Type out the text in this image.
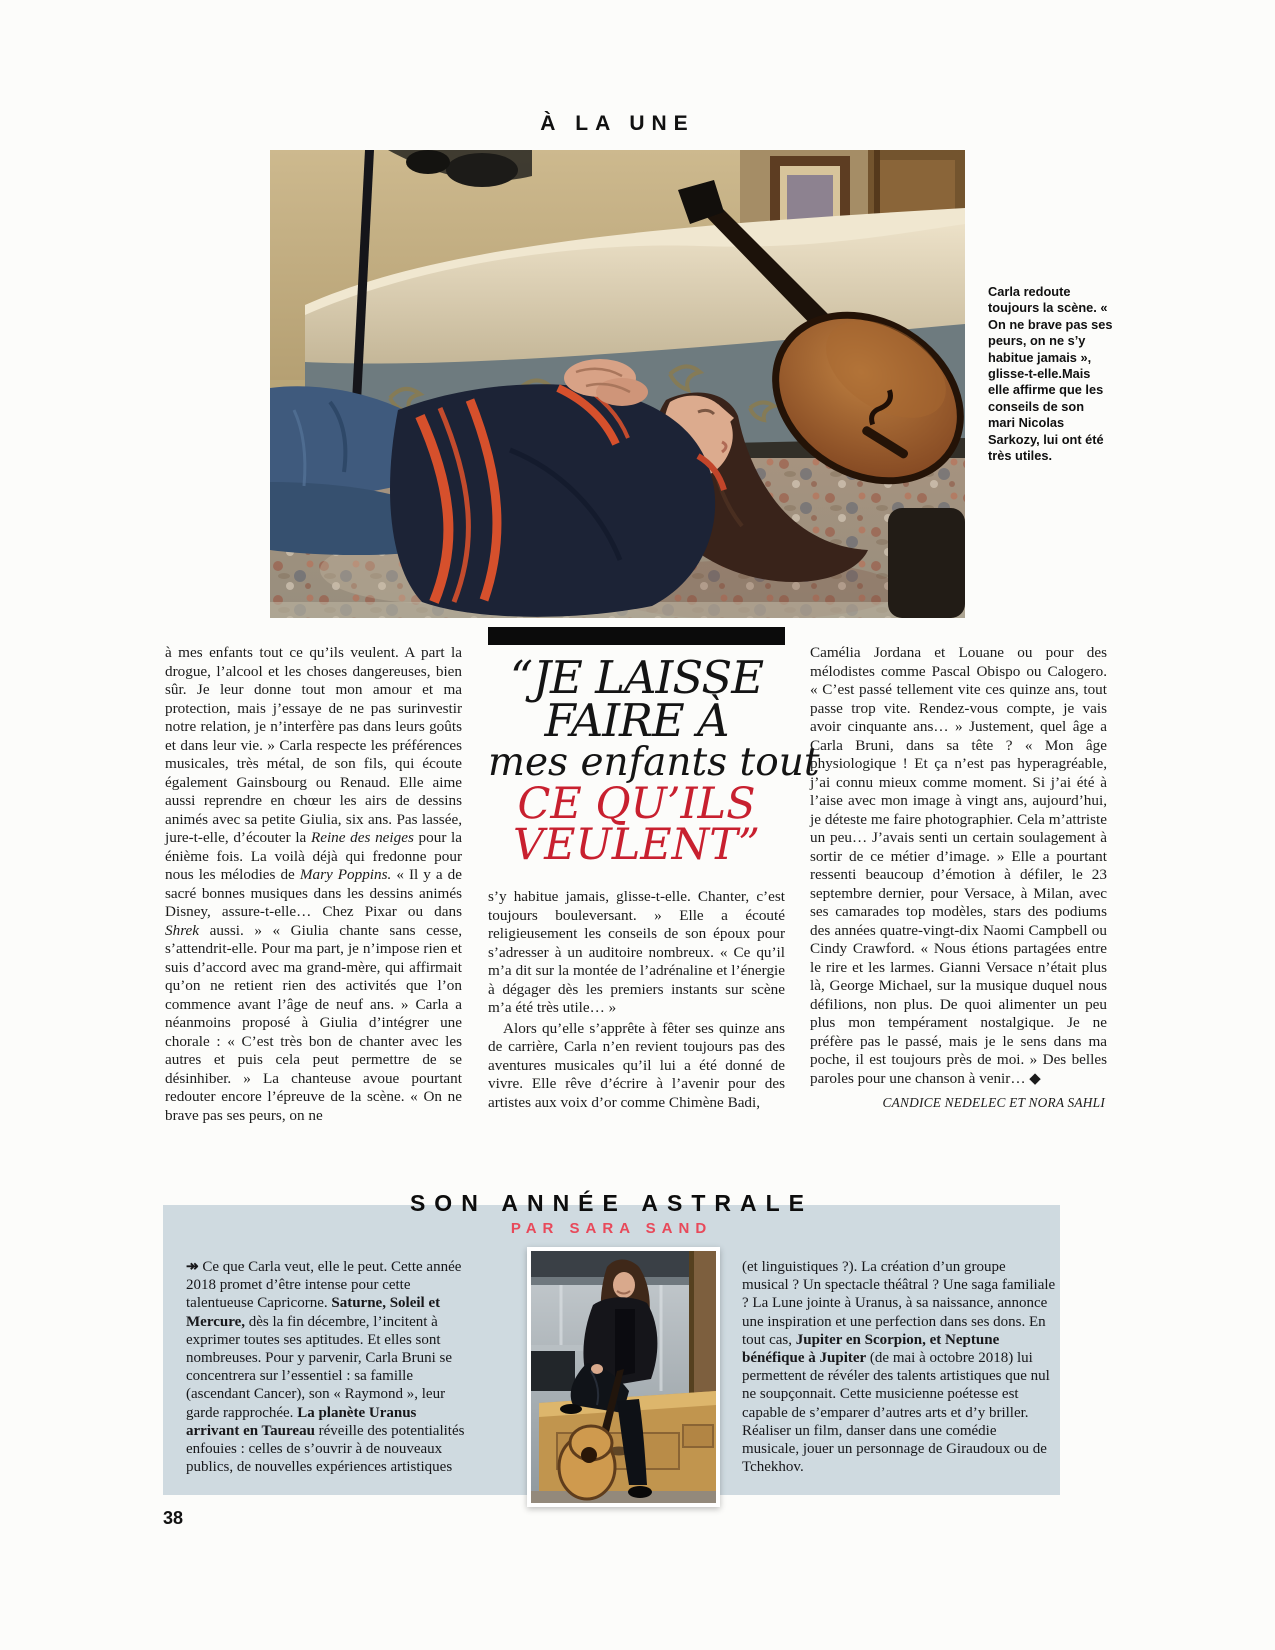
À LA UNE
Carla redoute toujours la scène. « On ne brave pas ses peurs, on ne s’y habitue jamais », glisse-t-elle.Mais elle affirme que les conseils de son mari Nicolas Sarkozy, lui ont été très utiles.

à mes enfants tout ce qu’ils veulent. A part la drogue, l’alcool et les choses dangereuses, bien sûr. Je leur donne tout mon amour et ma protection, mais j’essaye de ne pas surinvestir notre relation, je n’interfère pas dans leurs goûts et dans leur vie. » Carla respecte les préférences musicales, très métal, de son fils, qui écoute également Gainsbourg ou Renaud. Elle aime aussi reprendre en chœur les airs de dessins animés avec sa petite Giulia, six ans. Pas lassée, jure-t-elle, d’écouter la Reine des neiges pour la énième fois. La voilà déjà qui fredonne pour nous les mélodies de Mary Poppins. « Il y a de sacré bonnes musiques dans les dessins animés Disney, assure-t-elle… Chez Pixar ou dans Shrek aussi. » « Giulia chante sans cesse, s’attendrit-elle. Pour ma part, je n’impose rien et suis d’accord avec ma grand-mère, qui affirmait qu’on ne retient rien des activités que l’on commence avant l’âge de neuf ans. » Carla a néanmoins proposé à Giulia d’intégrer une chorale : « C’est très bon de chanter avec les autres et puis cela peut permettre de se désinhiber. » La chanteuse avoue pourtant redouter encore l’épreuve de la scène. « On ne brave pas ses peurs, on ne

“JE LAISSE
FAIRE À
mes enfants tout
CE QU’ILS
VEULENT”

s’y habitue jamais, glisse-t-elle. Chanter, c’est toujours bouleversant. » Elle a écouté religieusement les conseils de son époux pour s’adresser à un auditoire nombreux. « Ce qu’il m’a dit sur la montée de l’adrénaline et l’énergie à dégager dès les premiers instants sur scène m’a été très utile… »

Alors qu’elle s’apprête à fêter ses quinze ans de carrière, Carla n’en revient toujours pas des aventures musicales qu’il lui a été donné de vivre. Elle rêve d’écrire à l’avenir pour des artistes aux voix d’or comme Chimène Badi,

Camélia Jordana et Louane ou pour des mélodistes comme Pascal Obispo ou Calogero. « C’est passé tellement vite ces quinze ans, tout passe trop vite. Rendez-vous compte, je vais avoir cinquante ans… » Justement, quel âge a Carla Bruni, dans sa tête ? « Mon âge physiologique ! Et ça n’est pas hyperagréable, j’ai connu mieux comme moment. Si j’ai été à l’aise avec mon image à vingt ans, aujourd’hui, je déteste me faire photographier. Cela m’attriste un peu… J’avais senti un certain soulagement à sortir de ce métier d’image. » Elle a pourtant ressenti beaucoup d’émotion à défiler, le 23 septembre dernier, pour Versace, à Milan, avec ses camarades top modèles, stars des podiums des années quatre-vingt-dix Naomi Campbell ou Cindy Crawford. « Nous étions partagées entre le rire et les larmes. Gianni Versace n’était plus là, George Michael, sur la musique duquel nous défilions, non plus. De quoi alimenter un peu plus mon tempérament nostalgique. Je ne préfère pas le passé, mais je le sens dans ma poche, il est toujours près de moi. » Des belles paroles pour une chanson à venir… ◆

CANDICE NEDELEC ET NORA SAHLI
SON ANNÉE ASTRALE
PAR SARA SAND
↠ Ce que Carla veut, elle le peut. Cette année 2018 promet d’être intense pour cette talentueuse Capricorne. Saturne, Soleil et Mercure, dès la fin décembre, l’incitent à exprimer toutes ses aptitudes. Et elles sont nombreuses. Pour y parvenir, Carla Bruni se concentrera sur l’essentiel : sa famille (ascendant Cancer), son « Raymond », leur garde rapprochée. La planète Uranus arrivant en Taureau réveille des potentialités enfouies : celles de s’ouvrir à de nouveaux publics, de nouvelles expériences artistiques
(et linguistiques ?). La création d’un groupe musical ? Un spectacle théâtral ? Une saga familiale ? La Lune jointe à Uranus, à sa naissance, annonce une inspiration et une perfection dans ses dons. En tout cas, Jupiter en Scorpion, et Neptune bénéfique à Jupiter (de mai à octobre 2018) lui permettent de révéler des talents artistiques que nul ne soupçonnait. Cette musicienne poétesse est capable de s’emparer d’autres arts et d’y briller. Réaliser un film, danser dans une comédie musicale, jouer un personnage de Giraudoux ou de Tchekhov.
38
